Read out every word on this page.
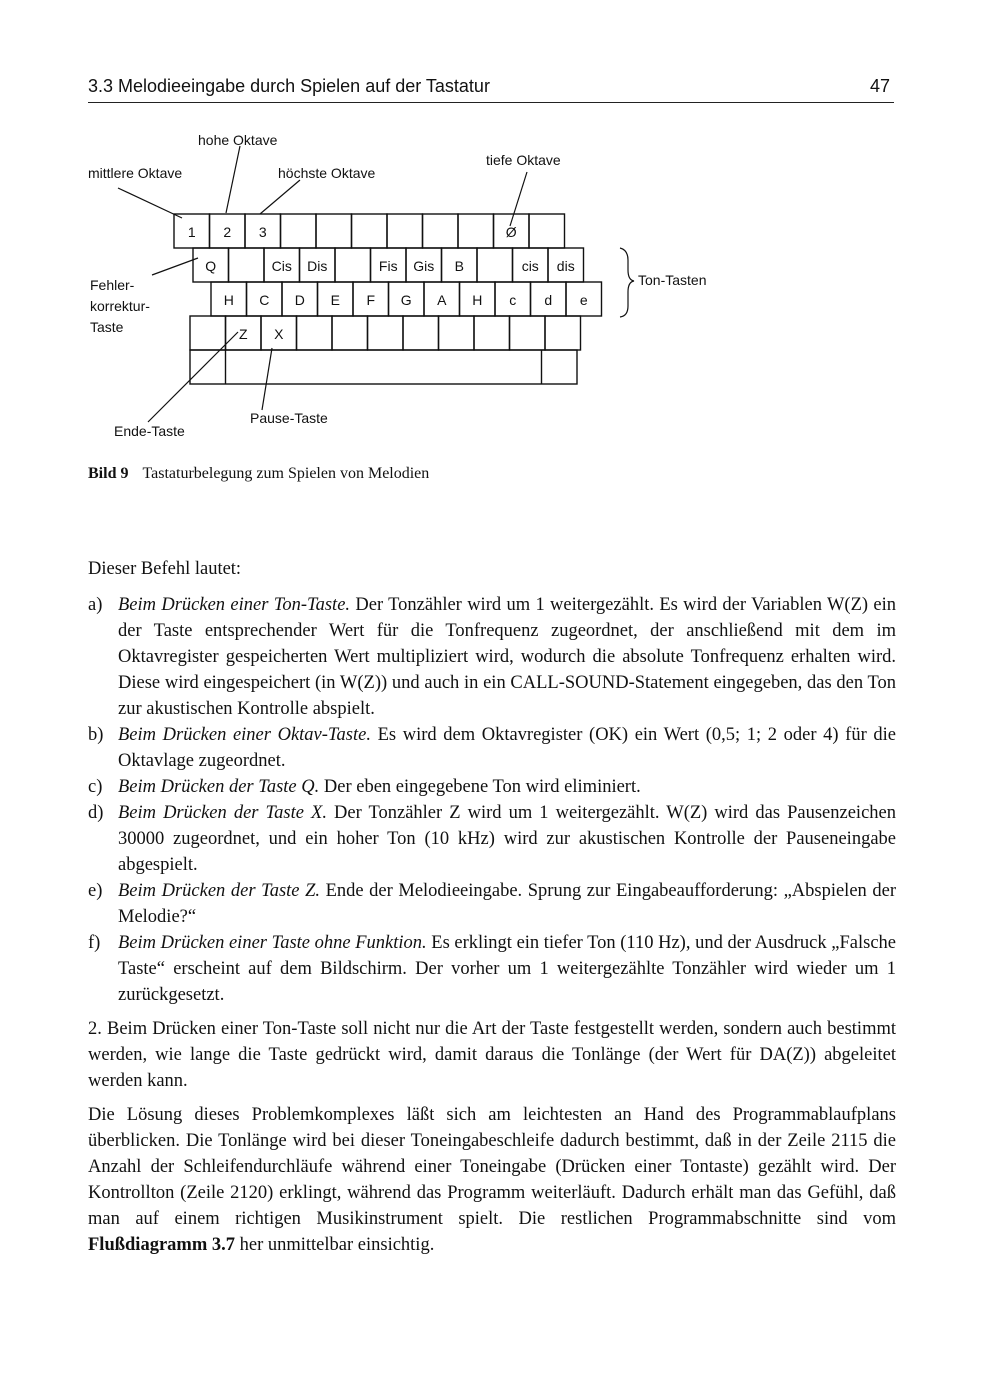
3.3 Melodieeingabe durch Spielen auf der Tastatur	47
1 2 3	Ø
Q	Cis Dis	Fis Gis B	cis dis
H C D E F G A H c d e
Z X
hohe Oktave
mittlere Oktave	höchste Oktave
tiefe Oktave
Fehler-
korrektur-
Taste
Ton-Tasten
Ende-Taste
Pause-Taste
Bild 9 Tastaturbelegung zum Spielen von Melodien

Dieser Befehl lautet:

a) Beim Drücken einer Ton-Taste. Der Tonzähler wird um 1 weitergezählt. Es wird der Variablen W(Z) ein der Taste entsprechender Wert für die Tonfrequenz zugeordnet, der anschließend mit dem im Oktavregister gespeicherten Wert multipliziert wird, wodurch die absolute Tonfrequenz erhalten wird. Diese wird eingespeichert (in W(Z)) und auch in ein CALL-SOUND-Statement eingegeben, das den Ton zur akustischen Kontrolle abspielt.
b) Beim Drücken einer Oktav-Taste. Es wird dem Oktavregister (OK) ein Wert (0,5; 1; 2 oder 4) für die Oktavlage zugeordnet.
c) Beim Drücken der Taste Q. Der eben eingegebene Ton wird eliminiert.
d) Beim Drücken der Taste X. Der Tonzähler Z wird um 1 weitergezählt. W(Z) wird das Pausenzeichen 30000 zugeordnet, und ein hoher Ton (10 kHz) wird zur akustischen Kontrolle der Pauseneingabe abgespielt.
e) Beim Drücken der Taste Z. Ende der Melodieeingabe. Sprung zur Eingabeaufforderung: „Abspielen der Melodie?“
f) Beim Drücken einer Taste ohne Funktion. Es erklingt ein tiefer Ton (110 Hz), und der Ausdruck „Falsche Taste“ erscheint auf dem Bildschirm. Der vorher um 1 weitergezählte Tonzähler wird wieder um 1 zurückgesetzt.

2. Beim Drücken einer Ton-Taste soll nicht nur die Art der Taste festgestellt werden, sondern auch bestimmt werden, wie lange die Taste gedrückt wird, damit daraus die Tonlänge (der Wert für DA(Z)) abgeleitet werden kann.

Die Lösung dieses Problemkomplexes läßt sich am leichtesten an Hand des Programmablaufplans überblicken. Die Tonlänge wird bei dieser Toneingabeschleife dadurch bestimmt, daß in der Zeile 2115 die Anzahl der Schleifendurchläufe während einer Toneingabe (Drücken einer Tontaste) gezählt wird. Der Kontrollton (Zeile 2120) erklingt, während das Programm weiterläuft. Dadurch erhält man das Gefühl, daß man auf einem richtigen Musikinstrument spielt. Die restlichen Programmabschnitte sind vom Flußdiagramm 3.7 her unmittelbar einsichtig.
